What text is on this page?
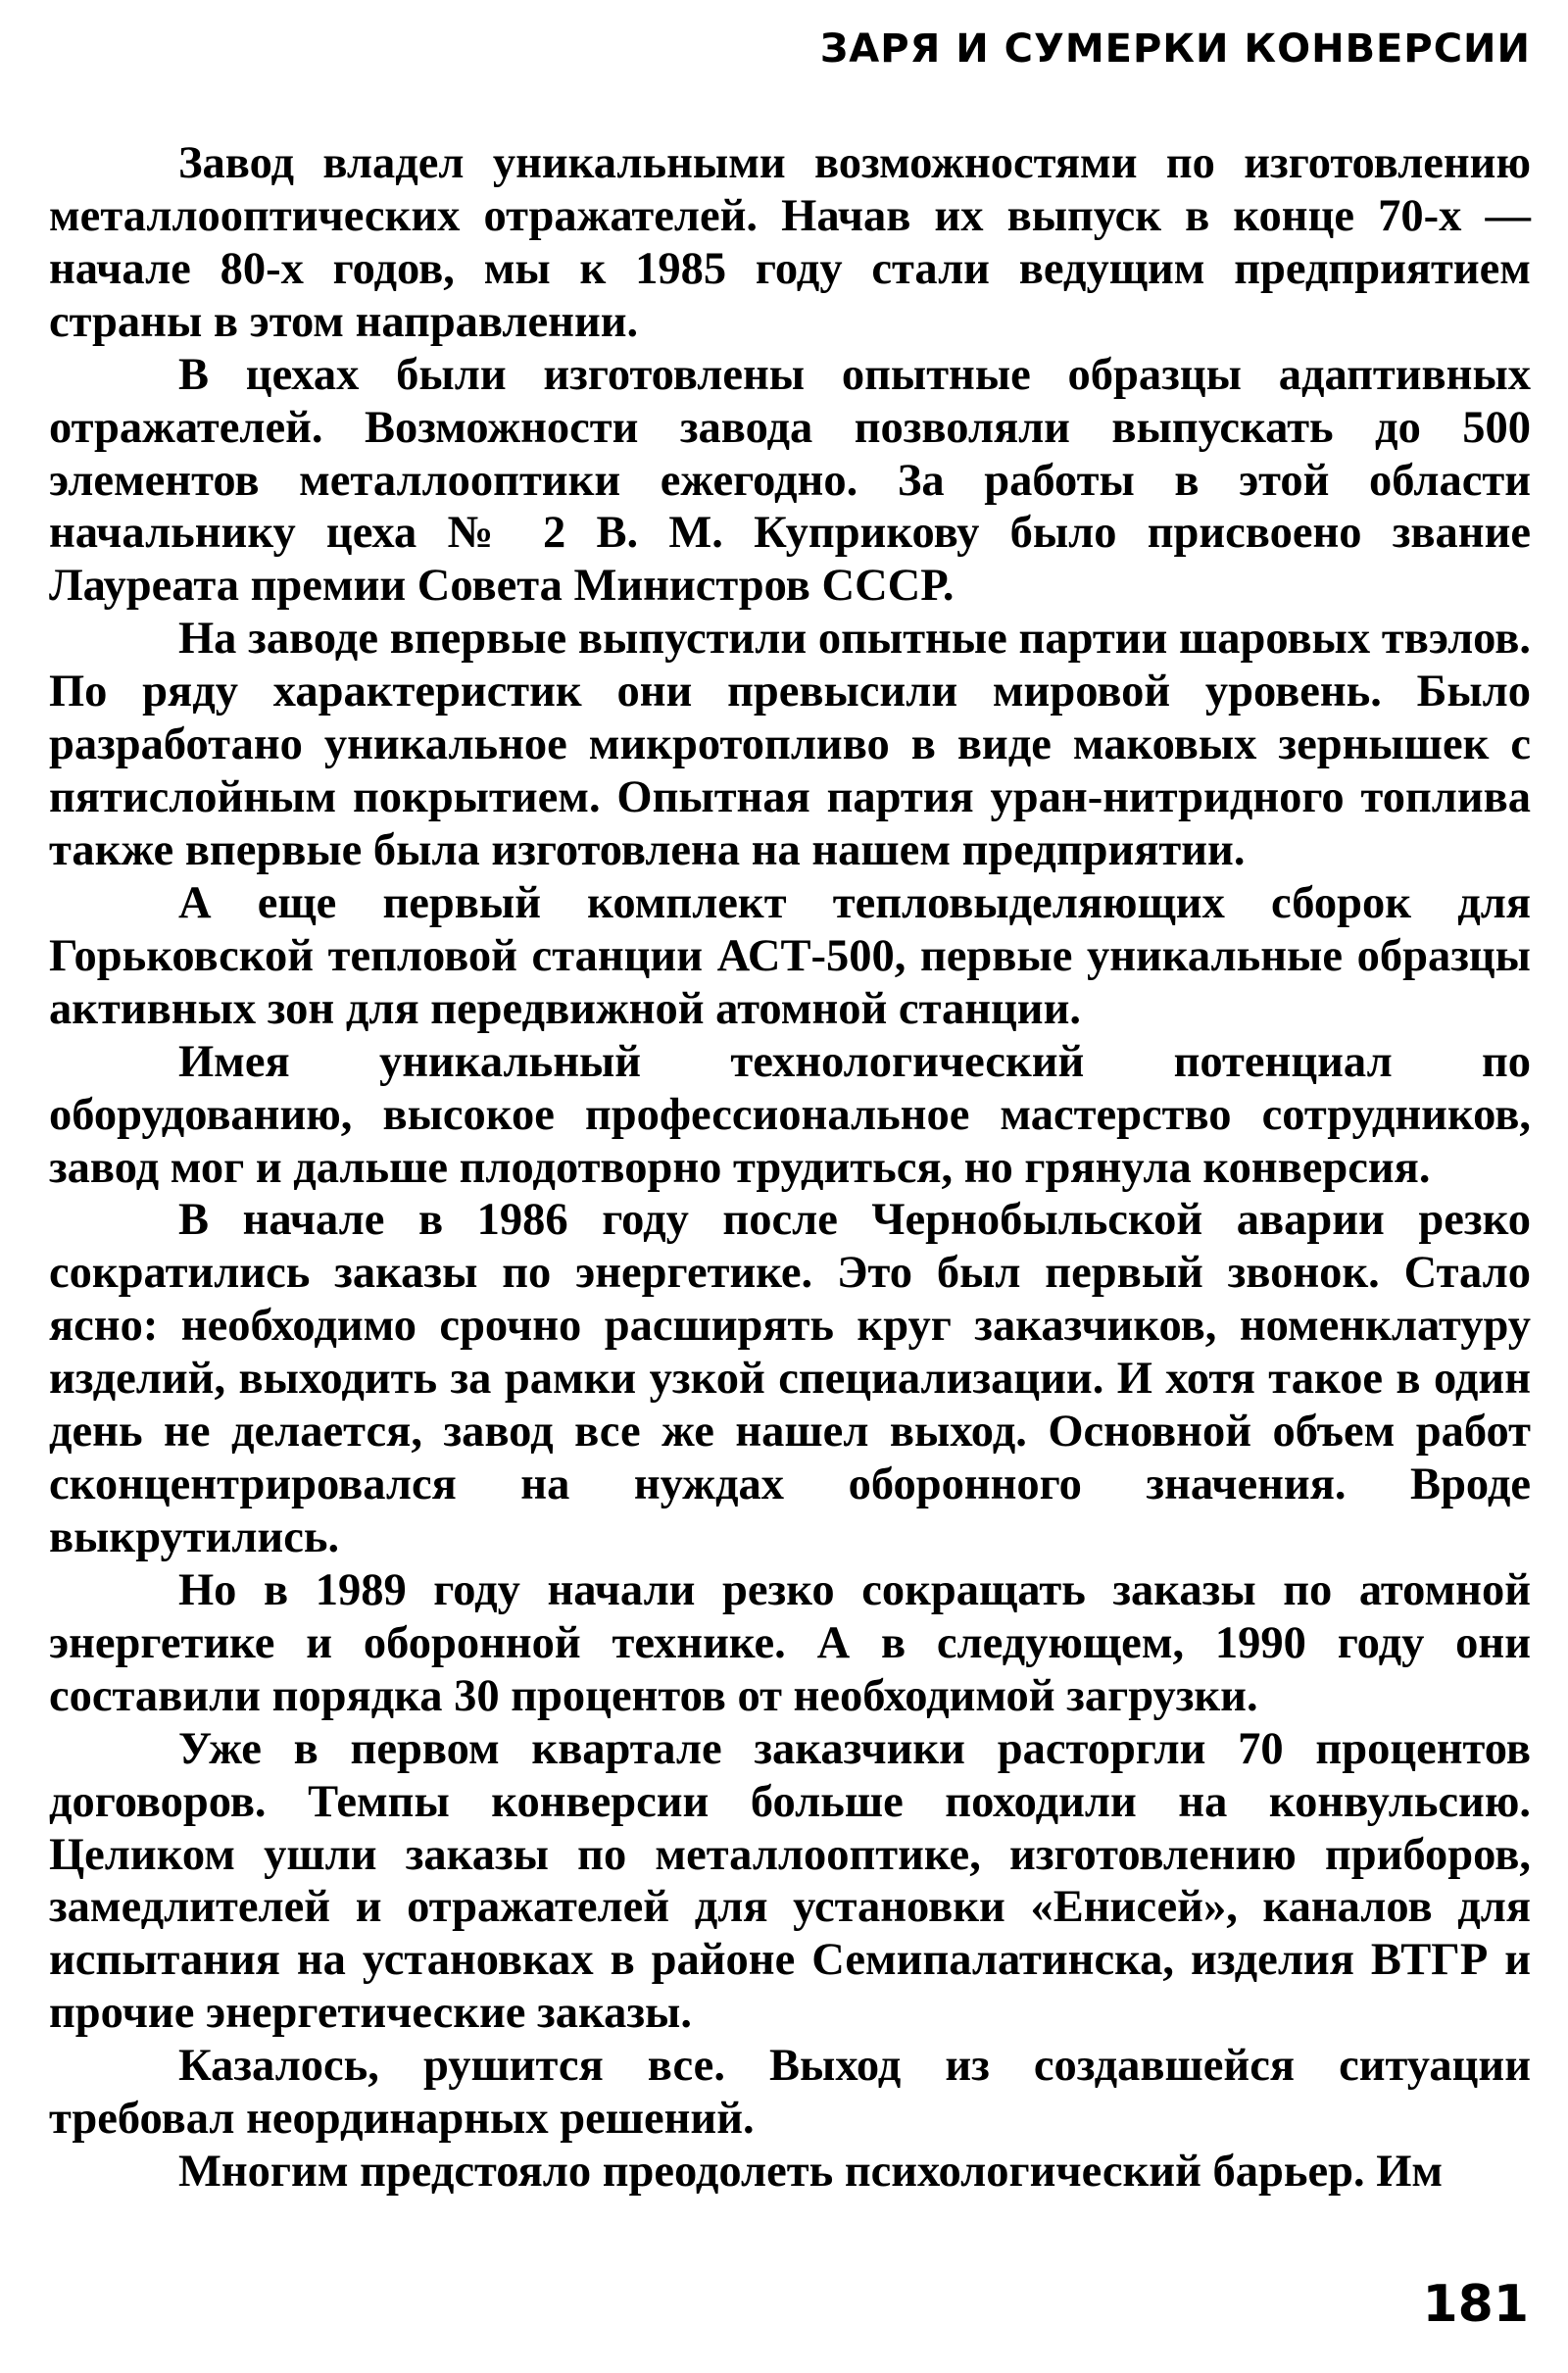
ЗАРЯ И СУМЕРКИ КОНВЕРСИИ

Завод владел уникальными возможностями по изготовлению металлооптических отражателей. Начав их выпуск в конце 70-х — начале 80-х годов, мы к 1985 году стали ведущим предприятием страны в этом направлении.

В цехах были изготовлены опытные образцы адаптивных отражателей. Возможности завода позволяли выпускать до 500 элементов металлооптики ежегодно. За работы в этой области начальнику цеха № 2 В. М. Куприкову было присвоено звание Лауреата премии Совета Министров СССР.

На заводе впервые выпустили опытные партии шаровых твэлов. По ряду характеристик они превысили мировой уровень. Было разработано уникальное микротопливо в виде маковых зернышек с пятислойным покрытием. Опытная партия уран-нитридного топлива также впервые была изготовлена на нашем предприятии.

А еще первый комплект тепловыделяющих сборок для Горьковской тепловой станции АСТ-500, первые уникальные образцы активных зон для передвижной атомной станции.

Имея уникальный технологический потенциал по оборудованию, высокое профессиональное мастерство сотрудников, завод мог и дальше плодотворно трудиться, но грянула конверсия.

В начале в 1986 году после Чернобыльской аварии резко сократились заказы по энергетике. Это был первый звонок. Стало ясно: необходимо срочно расширять круг заказчиков, номенклатуру изделий, выходить за рамки узкой специализации. И хотя такое в один день не делается, завод все же нашел выход. Основной объем работ сконцентрировался на нуждах оборонного значения. Вроде выкрутились.

Но в 1989 году начали резко сокращать заказы по атомной энергетике и оборонной технике. А в следующем, 1990 году они составили порядка 30 процентов от необходимой загрузки.

Уже в первом квартале заказчики расторгли 70 процентов договоров. Темпы конверсии больше походили на конвульсию. Целиком ушли заказы по металлооптике, изготовлению приборов, замедлителей и отражателей для установки «Енисей», каналов для испытания на установках в районе Семипалатинска, изделия ВТГР и прочие энергетические заказы.

Казалось, рушится все. Выход из создавшейся ситуации требовал неординарных решений.

Многим предстояло преодолеть психологический барьер. Им

181
